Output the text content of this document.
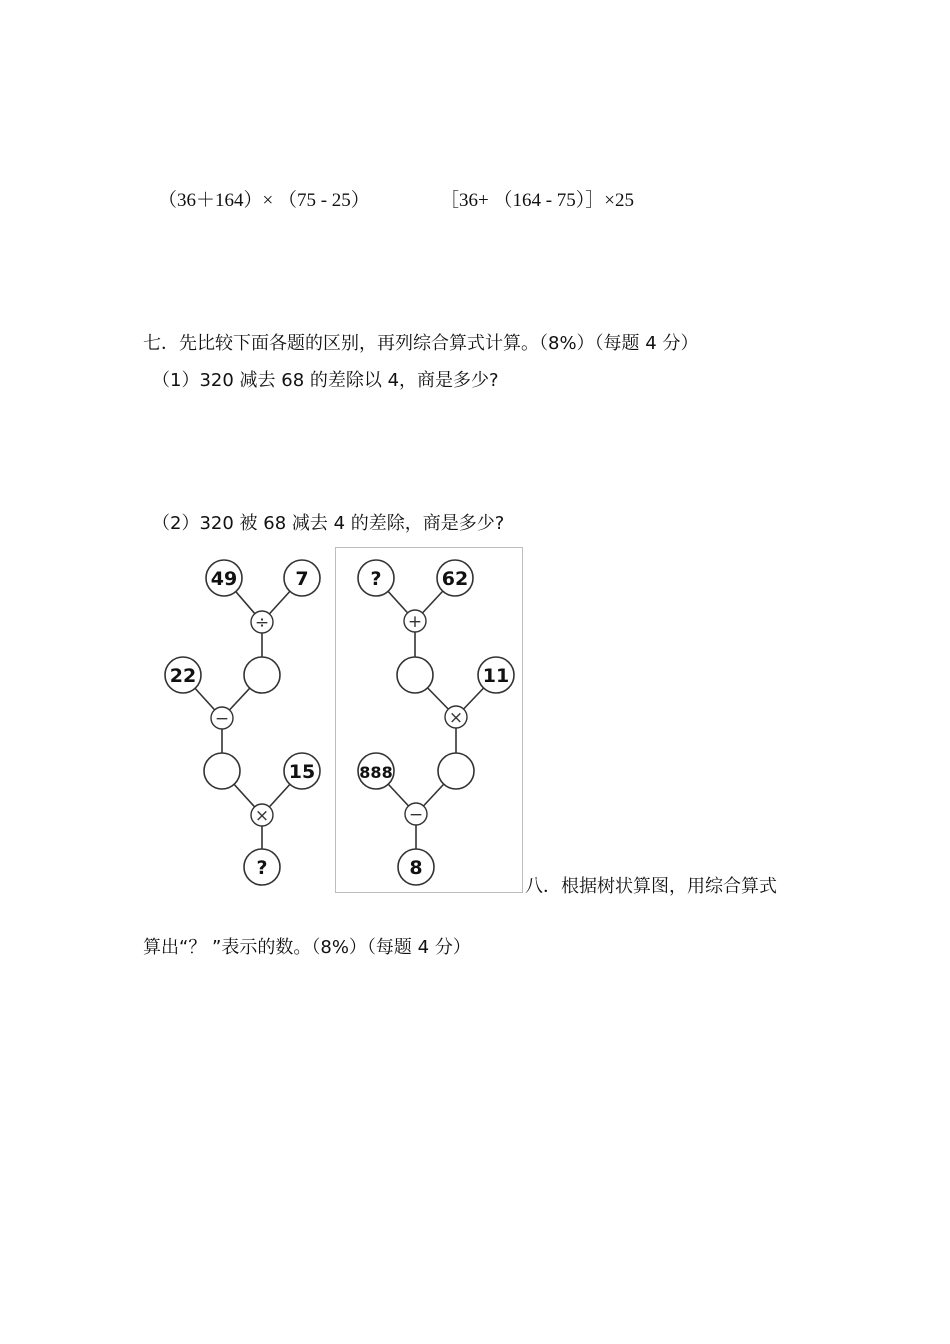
（36＋164）× （75 - 25）	［36+ （164 - 75）］×25
七．先比较下面各题的区别，再列综合算式计算。（8%）（每题 4 分）
（1）320 减去 68 的差除以 4，商是多少?
（2）320 被 68 减去 4 的差除，商是多少?
49	7
22
15
?
÷
−
×
?	62
11
888
8
+
×
−
八．根据树状算图，用综合算式
算出“？ ”表示的数。（8%）（每题 4 分）
